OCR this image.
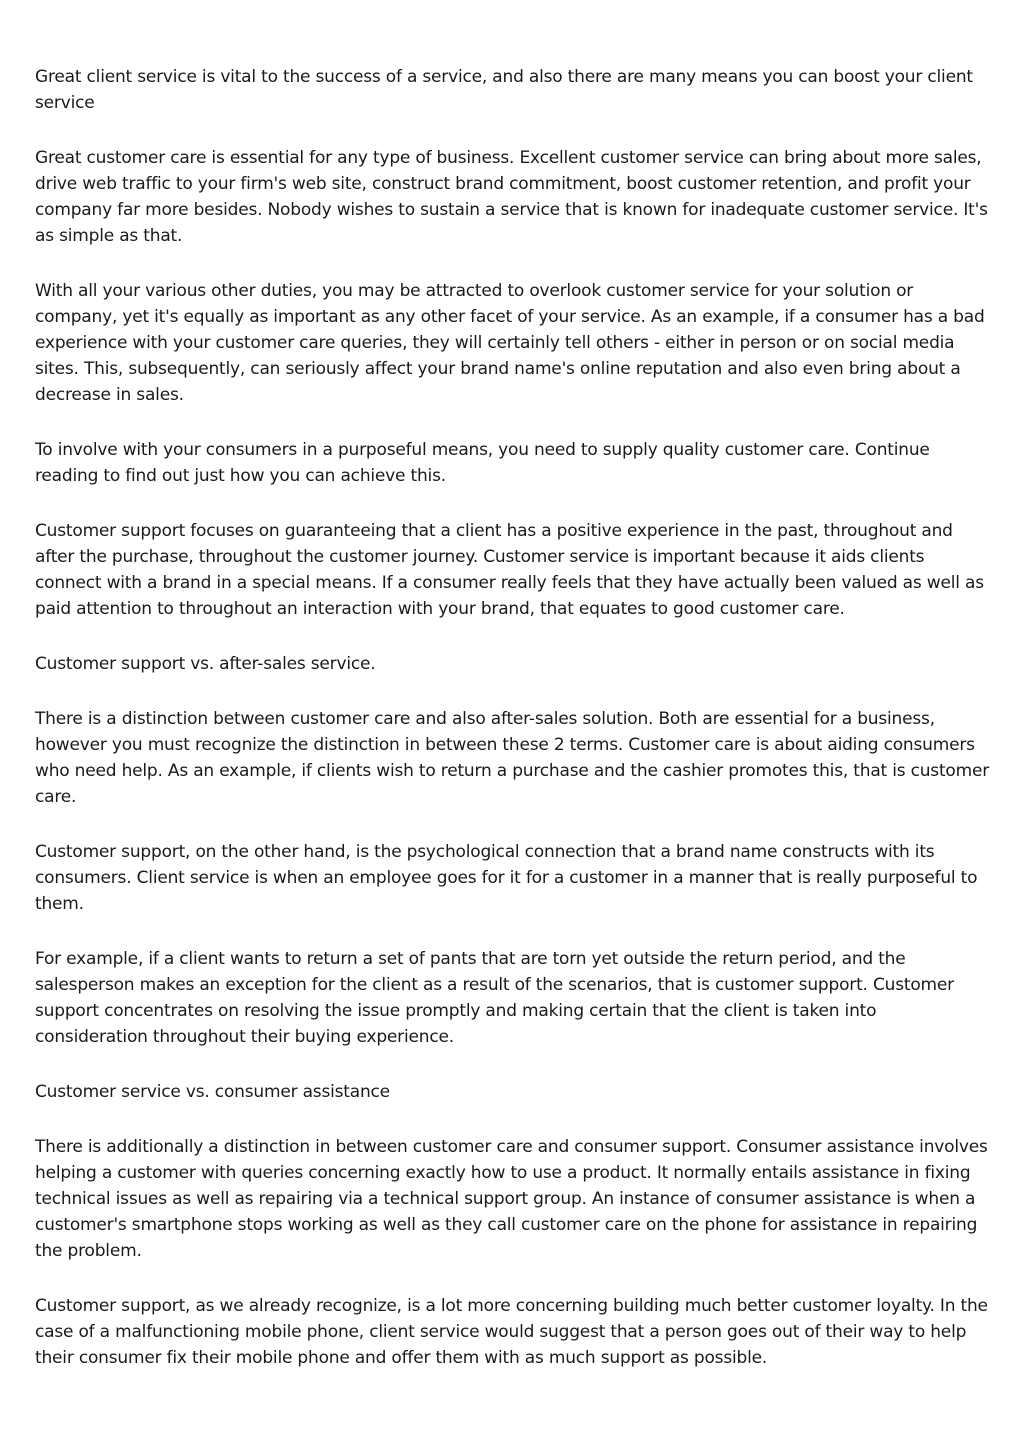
Great client service is vital to the success of a service, and also there are many means you can boost your client service

Great customer care is essential for any type of business. Excellent customer service can bring about more sales, drive web traffic to your firm's web site, construct brand commitment, boost customer retention, and profit your company far more besides. Nobody wishes to sustain a service that is known for inadequate customer service. It's as simple as that.

With all your various other duties, you may be attracted to overlook customer service for your solution or company, yet it's equally as important as any other facet of your service. As an example, if a consumer has a bad experience with your customer care queries, they will certainly tell others - either in person or on social media sites. This, subsequently, can seriously affect your brand name's online reputation and also even bring about a decrease in sales.

To involve with your consumers in a purposeful means, you need to supply quality customer care. Continue reading to find out just how you can achieve this.

Customer support focuses on guaranteeing that a client has a positive experience in the past, throughout and after the purchase, throughout the customer journey. Customer service is important because it aids clients connect with a brand in a special means. If a consumer really feels that they have actually been valued as well as paid attention to throughout an interaction with your brand, that equates to good customer care.

Customer support vs. after-sales service.

There is a distinction between customer care and also after-sales solution. Both are essential for a business, however you must recognize the distinction in between these 2 terms. Customer care is about aiding consumers who need help. As an example, if clients wish to return a purchase and the cashier promotes this, that is customer care.

Customer support, on the other hand, is the psychological connection that a brand name constructs with its consumers. Client service is when an employee goes for it for a customer in a manner that is really purposeful to them.

For example, if a client wants to return a set of pants that are torn yet outside the return period, and the salesperson makes an exception for the client as a result of the scenarios, that is customer support. Customer support concentrates on resolving the issue promptly and making certain that the client is taken into consideration throughout their buying experience.

Customer service vs. consumer assistance

There is additionally a distinction in between customer care and consumer support. Consumer assistance involves helping a customer with queries concerning exactly how to use a product. It normally entails assistance in fixing technical issues as well as repairing via a technical support group. An instance of consumer assistance is when a customer's smartphone stops working as well as they call customer care on the phone for assistance in repairing the problem.

Customer support, as we already recognize, is a lot more concerning building much better customer loyalty. In the case of a malfunctioning mobile phone, client service would suggest that a person goes out of their way to help their consumer fix their mobile phone and offer them with as much support as possible.
